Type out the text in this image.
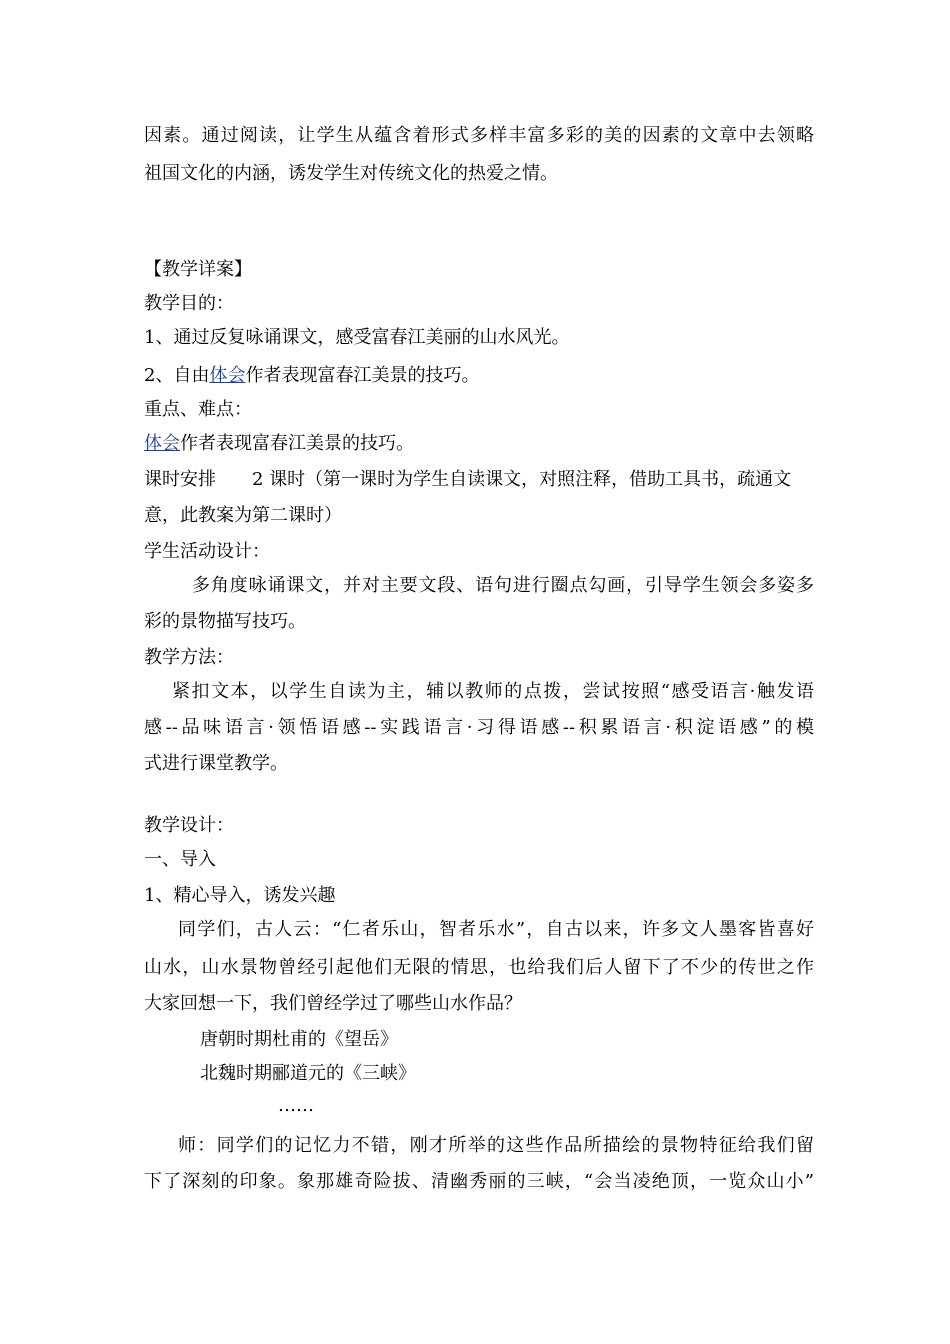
因素。通过阅读，让学生从蕴含着形式多样丰富多彩的美的因素的文章中去领略
祖国文化的内涵，诱发学生对传统文化的热爱之情。
【教学详案】
教学目的：
1、通过反复咏诵课文，感受富春江美丽的山水风光。
2、自由体会作者表现富春江美景的技巧。
重点、难点：
体会作者表现富春江美景的技巧。
课时安排 2 课时（第一课时为学生自读课文，对照注释，借助工具书，疏通文
意，此教案为第二课时）
学生活动设计：
多角度咏诵课文，并对主要文段、语句进行圈点勾画，引导学生领会多姿多
彩的景物描写技巧。
教学方法：
紧扣文本，以学生自读为主，辅以教师的点拨，尝试按照“感受语言·触发语
感--品味语言·领悟语感--实践语言·习得语感--积累语言·积淀语感”的模
式进行课堂教学。
教学设计：
一、导入
1、精心导入，诱发兴趣
同学们，古人云：“仁者乐山，智者乐水”，自古以来，许多文人墨客皆喜好
山水，山水景物曾经引起他们无限的情思，也给我们后人留下了不少的传世之作
大家回想一下，我们曾经学过了哪些山水作品？
唐朝时期杜甫的《望岳》
北魏时期郦道元的《三峡》
……
师：同学们的记忆力不错，刚才所举的这些作品所描绘的景物特征给我们留
下了深刻的印象。象那雄奇险拔、清幽秀丽的三峡，“会当凌绝顶，一览众山小”
